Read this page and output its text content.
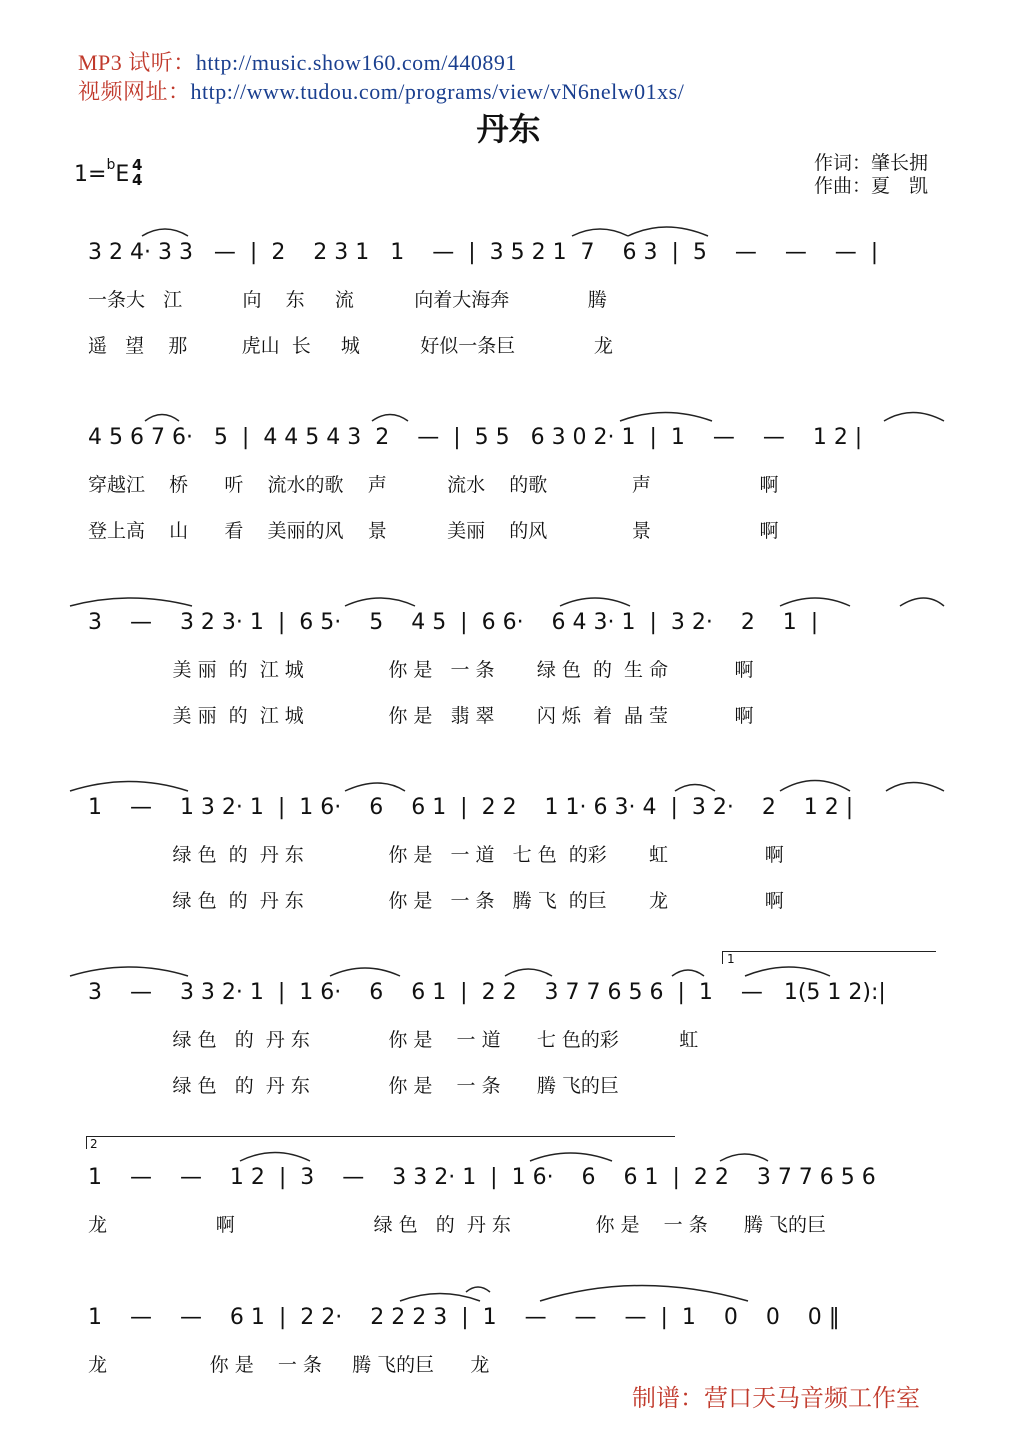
MP3 试听：http://music.show160.com/440891
视频网址：http://www.tudou.com/programs/view/vN6nelw01xs/
丹东
1=$^b$E 4
4
作词：肇长拥
作曲：夏　凯
3 2 4· 3 3   —  |  2    2 3 1   1    —  |  3 5 2 1  7    6 3  |  5    —    —    —  |
一条大   江          向    东     流          向着大海奔             腾
遥   望    那         虎山  长     城          好似一条巨             龙
4 5 6 7 6·   5  |  4 4 5 4 3  2    —  |  5 5   6 3 0 2· 1  |  1    —    —    1 2 |
穿越江    桥      听    流水的歌    声          流水    的歌              声                  啊
登上高    山      看    美丽的风    景          美丽    的风              景                  啊
3    —    3 2 3· 1  |  6 5·    5    4 5  |  6 6·    6 4 3· 1  |  3 2·    2    1  |
美 丽  的  江 城              你 是   一 条       绿 色  的  生 命           啊
美 丽  的  江 城              你 是   翡 翠       闪 烁  着  晶 莹           啊
1    —    1 3 2· 1  |  1 6·    6    6 1  |  2 2    1 1· 6 3· 4  |  3 2·    2    1 2 |
绿 色  的  丹 东              你 是   一 道   七 色  的彩       虹                啊
绿 色  的  丹 东              你 是   一 条   腾 飞  的巨       龙                啊
1
3    —    3 3 2· 1  |  1 6·    6    6 1  |  2 2    3 7 7 6 5 6  |  1    —   1(5 1 2):|
绿 色   的  丹 东             你 是    一 道      七 色的彩          虹
绿 色   的  丹 东             你 是    一 条      腾 飞的巨
2
1    —    —    1 2  |  3    —    3 3 2· 1  |  1 6·    6    6 1  |  2 2    3 7 7 6 5 6
龙                  啊                       绿 色   的  丹 东              你 是    一 条      腾 飞的巨
1    —    —    6 1  |  2 2·    2 2 2 3  |  1    —    —    —  |  1    0    0    0 ‖
龙                 你 是    一 条     腾 飞的巨      龙
制谱：营口天马音频工作室
